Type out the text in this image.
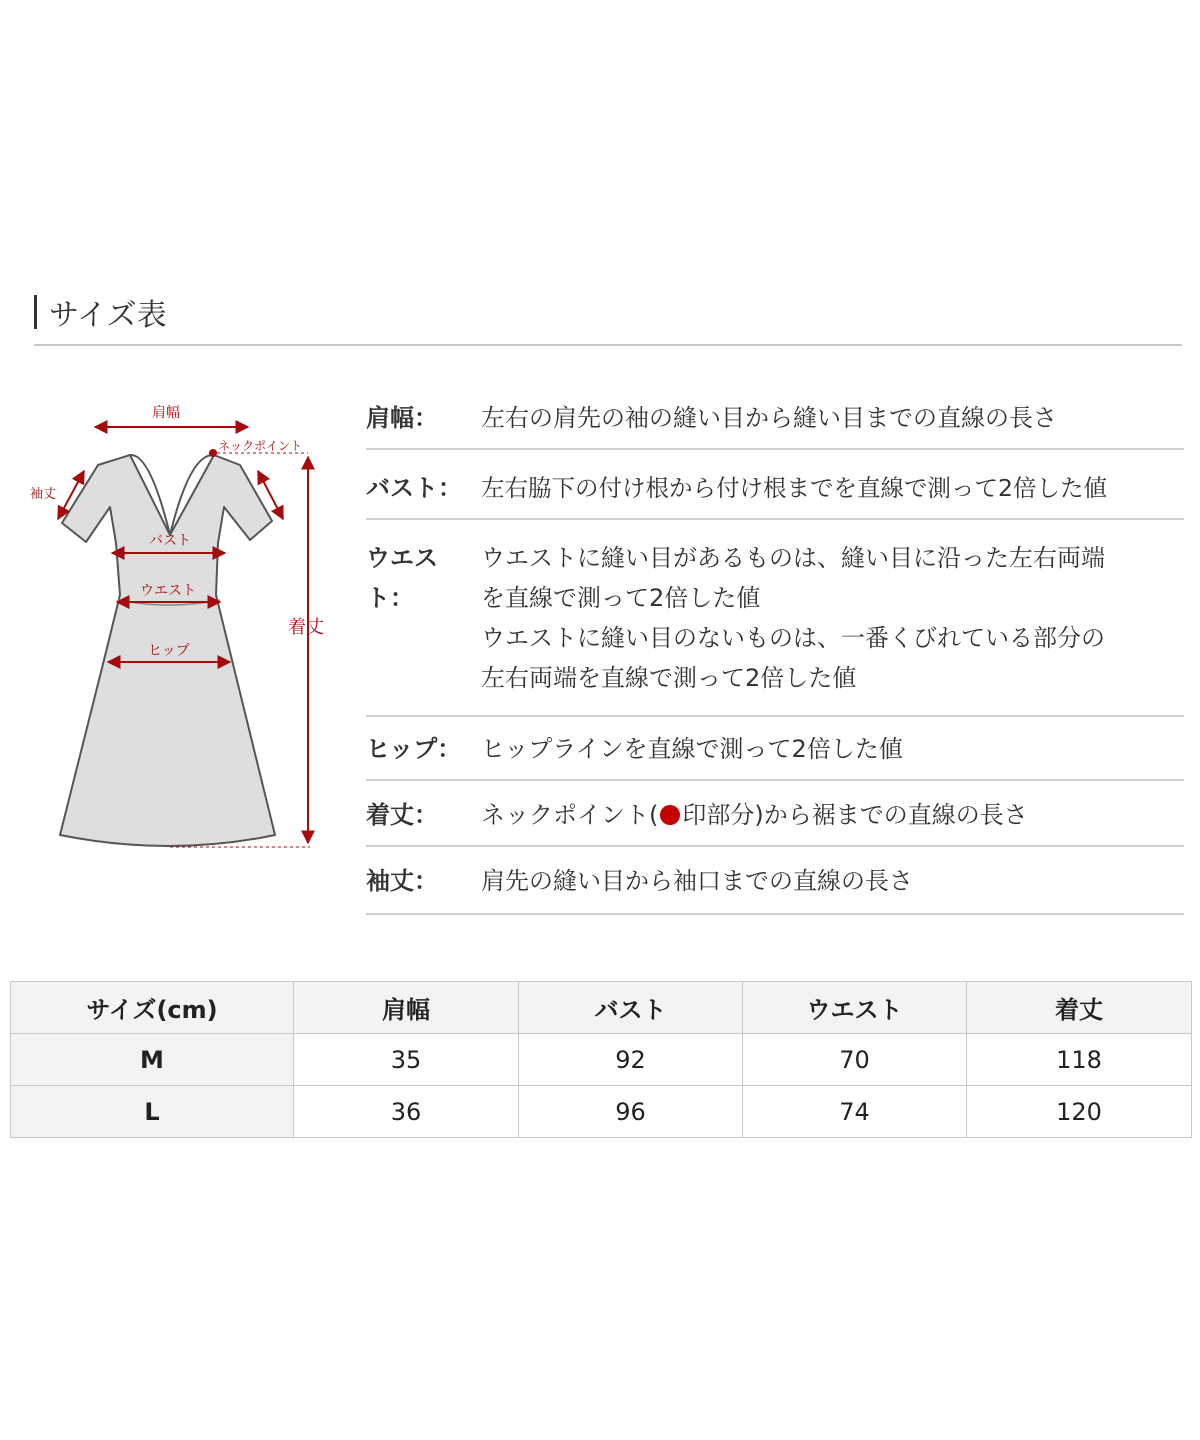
サイズ表
肩幅
ネックポイント
袖丈
バスト
ウエスト
ヒップ
着丈
肩幅：	左右の肩先の袖の縫い目から縫い目までの直線の長さ
バスト： 左右脇下の付け根から付け根までを直線で測って2倍した値
ウエスト：
ウエストに縫い目があるものは、縫い目に沿った左右両端
を直線で測って2倍した値
ウエストに縫い目のないものは、一番くびれている部分の
左右両端を直線で測って2倍した値
ヒップ： ヒップラインを直線で測って2倍した値
着丈：	ネックポイント( 印部分)から裾までの直線の長さ
袖丈：	肩先の縫い目から袖口までの直線の長さ
サイズ(cm)	肩幅	バスト	ウエスト	着丈
M	35	92	70	118
L	36	96	74	120
